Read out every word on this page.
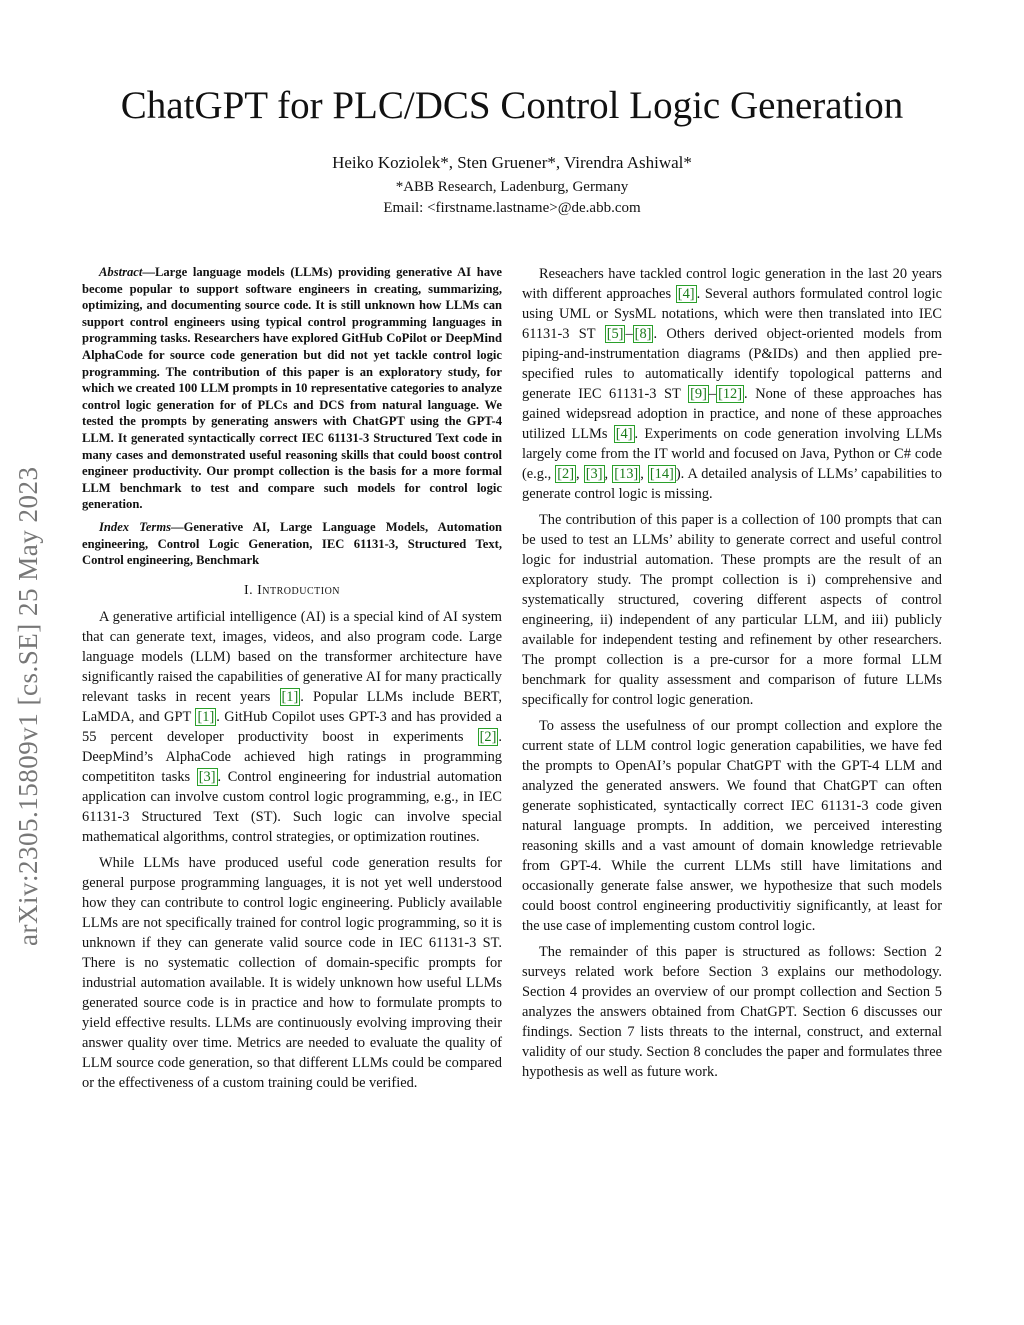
ChatGPT for PLC/DCS Control Logic Generation
Heiko Koziolek*, Sten Gruener*, Virendra Ashiwal*
*ABB Research, Ladenburg, Germany
Email: <firstname.lastname>@de.abb.com
arXiv:2305.15809v1 [cs.SE] 25 May 2023

Abstract—Large language models (LLMs) providing generative AI have become popular to support software engineers in creating, summarizing, optimizing, and documenting source code. It is still unknown how LLMs can support control engineers using typical control programming languages in programming tasks. Researchers have explored GitHub CoPilot or DeepMind AlphaCode for source code generation but did not yet tackle control logic programming. The contribution of this paper is an exploratory study, for which we created 100 LLM prompts in 10 representative categories to analyze control logic generation for of PLCs and DCS from natural language. We tested the prompts by generating answers with ChatGPT using the GPT-4 LLM. It generated syntactically correct IEC 61131-3 Structured Text code in many cases and demonstrated useful reasoning skills that could boost control engineer productivity. Our prompt collection is the basis for a more formal LLM benchmark to test and compare such models for control logic generation.

Index Terms—Generative AI, Large Language Models, Automation engineering, Control Logic Generation, IEC 61131-3, Structured Text, Control engineering, Benchmark

I. Introduction

A generative artificial intelligence (AI) is a special kind of AI system that can generate text, images, videos, and also program code. Large language models (LLM) based on the transformer architecture have significantly raised the capabilities of generative AI for many practically relevant tasks in recent years [1] . Popular LLMs include BERT, LaMDA, and GPT [1] . GitHub Copilot uses GPT-3 and has provided a 55 percent developer productivity boost in experiments [2] . DeepMind’s AlphaCode achieved high ratings in programming competititon tasks [3] . Control engineering for industrial automation application can involve custom control logic programming, e.g., in IEC 61131-3 Structured Text (ST). Such logic can involve special mathematical algorithms, control strategies, or optimization routines.

While LLMs have produced useful code generation results for general purpose programming languages, it is not yet well understood how they can contribute to control logic engineering. Publicly available LLMs are not specifically trained for control logic programming, so it is unknown if they can generate valid source code in IEC 61131-3 ST. There is no systematic collection of domain-specific prompts for industrial automation available. It is widely unknown how useful LLMs generated source code is in practice and how to formulate prompts to yield effective results. LLMs are continuously evolving improving their answer quality over time. Metrics are needed to evaluate the quality of LLM source code generation, so that different LLMs could be compared or the effectiveness of a custom training could be verified.

Reseachers have tackled control logic generation in the last 20 years with different approaches [4] . Several authors formulated control logic using UML or SysML notations, which were then translated into IEC 61131-3 ST [5] – [8] . Others derived object-oriented models from piping-and-instrumentation diagrams (P&IDs) and then applied pre-specified rules to automatically identify topological patterns and generate IEC 61131-3 ST [9] – [12] . None of these approaches has gained widepsread adoption in practice, and none of these approaches utilized LLMs [4] . Experiments on code generation involving LLMs largely come from the IT world and focused on Java, Python or C# code (e.g., [2] , [3] , [13] , [14] ). A detailed analysis of LLMs’ capabilities to generate control logic is missing.

The contribution of this paper is a collection of 100 prompts that can be used to test an LLMs’ ability to generate correct and useful control logic for industrial automation. These prompts are the result of an exploratory study. The prompt collection is i) comprehensive and systematically structured, covering different aspects of control engineering, ii) independent of any particular LLM, and iii) publicly available for independent testing and refinement by other researchers. The prompt collection is a pre-cursor for a more formal LLM benchmark for quality assessment and comparison of future LLMs specifically for control logic generation.

To assess the usefulness of our prompt collection and explore the current state of LLM control logic generation capabilities, we have fed the prompts to OpenAI’s popular ChatGPT with the GPT-4 LLM and analyzed the generated answers. We found that ChatGPT can often generate sophisticated, syntactically correct IEC 61131-3 code given natural language prompts. In addition, we perceived interesting reasoning skills and a vast amount of domain knowledge retrievable from GPT-4. While the current LLMs still have limitations and occasionally generate false answer, we hypothesize that such models could boost control engineering productivitiy significantly, at least for the use case of implementing custom control logic.

The remainder of this paper is structured as follows: Section 2 surveys related work before Section 3 explains our methodology. Section 4 provides an overview of our prompt collection and Section 5 analyzes the answers obtained from ChatGPT. Section 6 discusses our findings. Section 7 lists threats to the internal, construct, and external validity of our study. Section 8 concludes the paper and formulates three hypothesis as well as future work.
